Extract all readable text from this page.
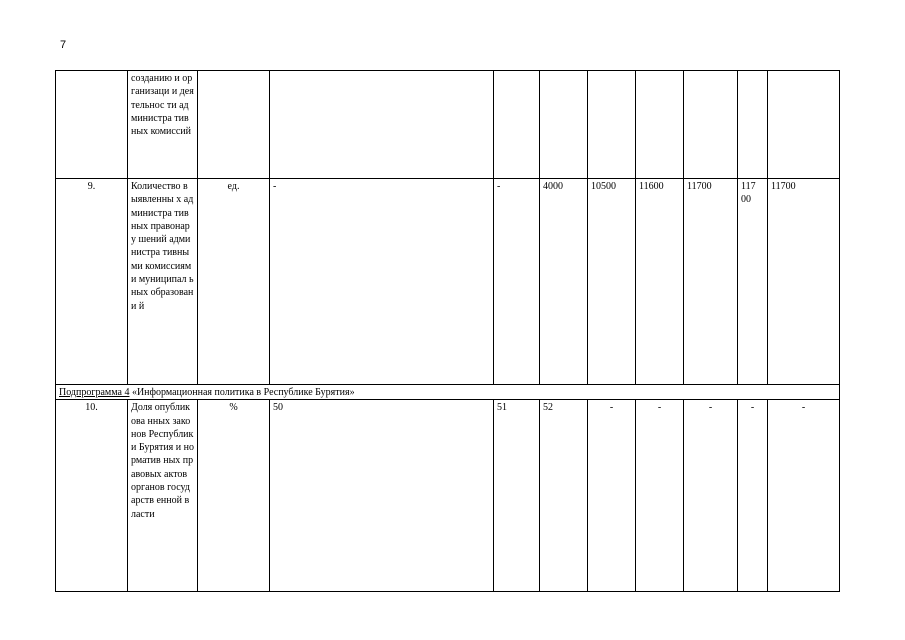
7
	созданию и организаци и деятельнос ти администра тивных комиссий									
9.	Количество выявленны х администра тивных правонару шений администра тивными комиссиям и муниципал ьных образовани й	ед.	-	-	4000	10500	11600	11700	117 00	11700
Подпрограмма 4 «Информационная политика в Республике Бурятия»										
10.	Доля опубликова нных законов Республик и Бурятия и норматив ных правовых актов органов государств енной власти	%	50	51	52	-	-	-	-	-
